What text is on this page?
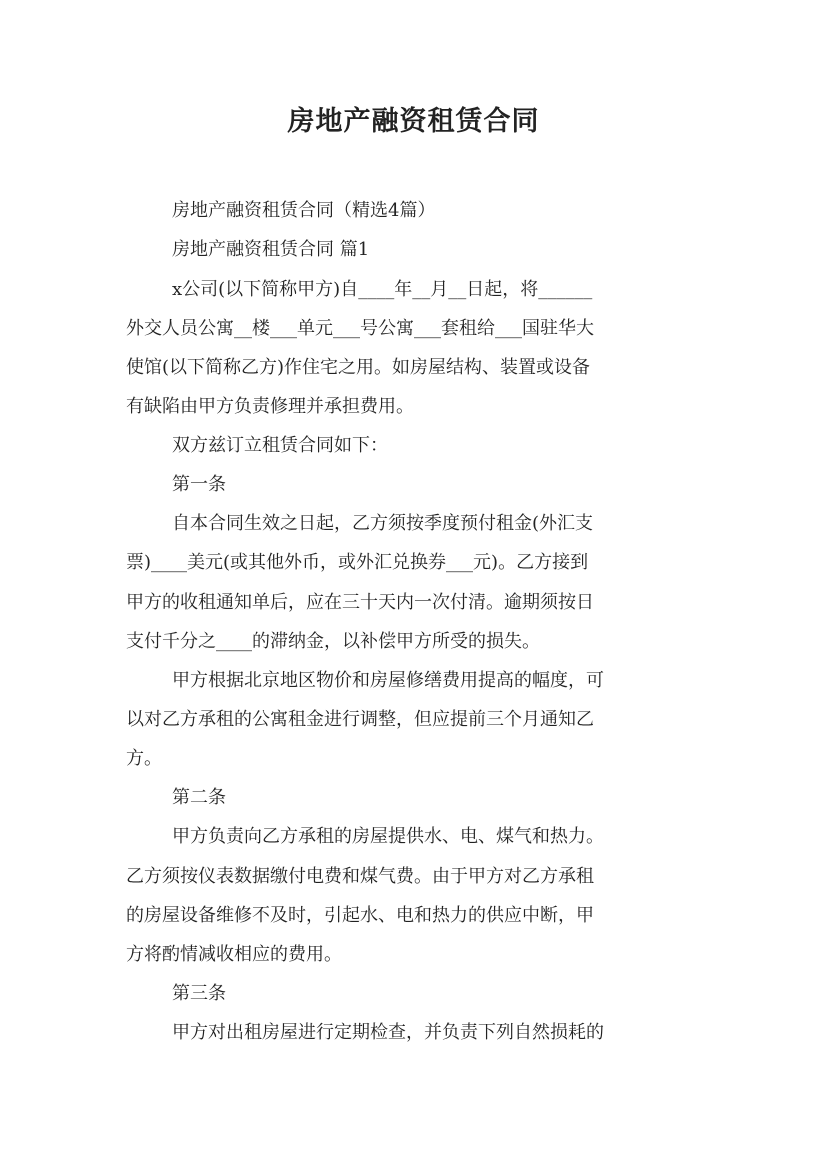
房地产融资租赁合同
房地产融资租赁合同（精选4篇）
房地产融资租赁合同 篇1
x公司(以下简称甲方)自____年__月__日起，将______
外交人员公寓__楼___单元___号公寓___套租给___国驻华大
使馆(以下简称乙方)作住宅之用。如房屋结构、装置或设备
有缺陷由甲方负责修理并承担费用。
双方兹订立租赁合同如下：
第一条
自本合同生效之日起，乙方须按季度预付租金(外汇支
票)____美元(或其他外币，或外汇兑换券___元)。乙方接到
甲方的收租通知单后，应在三十天内一次付清。逾期须按日
支付千分之____的滞纳金，以补偿甲方所受的损失。
甲方根据北京地区物价和房屋修缮费用提高的幅度，可
以对乙方承租的公寓租金进行调整，但应提前三个月通知乙
方。
第二条
甲方负责向乙方承租的房屋提供水、电、煤气和热力。
乙方须按仪表数据缴付电费和煤气费。由于甲方对乙方承租
的房屋设备维修不及时，引起水、电和热力的供应中断，甲
方将酌情减收相应的费用。
第三条
甲方对出租房屋进行定期检查，并负责下列自然损耗的
